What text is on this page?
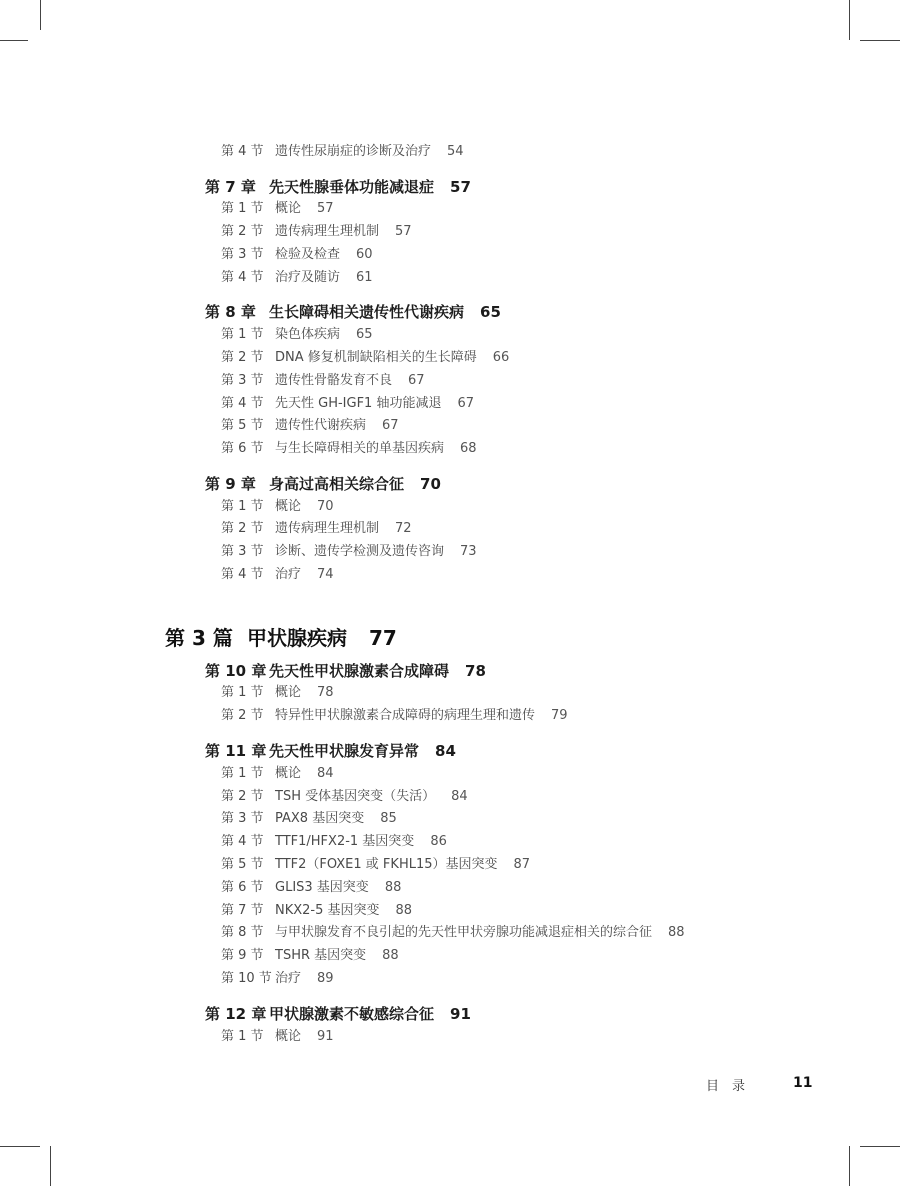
第 4 节 遗传性尿崩症的诊断及治疗 54
第 7 章 先天性腺垂体功能减退症 57
第 1 节 概论 57
第 2 节 遗传病理生理机制 57
第 3 节 检验及检查 60
第 4 节 治疗及随访 61
第 8 章 生长障碍相关遗传性代谢疾病 65
第 1 节 染色体疾病 65
第 2 节 DNA 修复机制缺陷相关的生长障碍 66
第 3 节 遗传性骨骼发育不良 67
第 4 节 先天性 GH-IGF1 轴功能减退 67
第 5 节 遗传性代谢疾病 67
第 6 节 与生长障碍相关的单基因疾病 68
第 9 章 身高过高相关综合征 70
第 1 节 概论 70
第 2 节 遗传病理生理机制 72
第 3 节 诊断、遗传学检测及遗传咨询 73
第 4 节 治疗 74
第 3 篇 甲状腺疾病 77
第 10 章 先天性甲状腺激素合成障碍 78
第 1 节 概论 78
第 2 节 特异性甲状腺激素合成障碍的病理生理和遗传 79
第 11 章 先天性甲状腺发育异常 84
第 1 节 概论 84
第 2 节 TSH 受体基因突变（失活） 84
第 3 节 PAX8 基因突变 85
第 4 节 TTF1/HFX2-1 基因突变 86
第 5 节 TTF2（FOXE1 或 FKHL15）基因突变 87
第 6 节 GLIS3 基因突变 88
第 7 节 NKX2-5 基因突变 88
第 8 节 与甲状腺发育不良引起的先天性甲状旁腺功能减退症相关的综合征 88
第 9 节 TSHR 基因突变 88
第 10 节 治疗 89
第 12 章 甲状腺激素不敏感综合征 91
第 1 节 概论 91
目　录	11
